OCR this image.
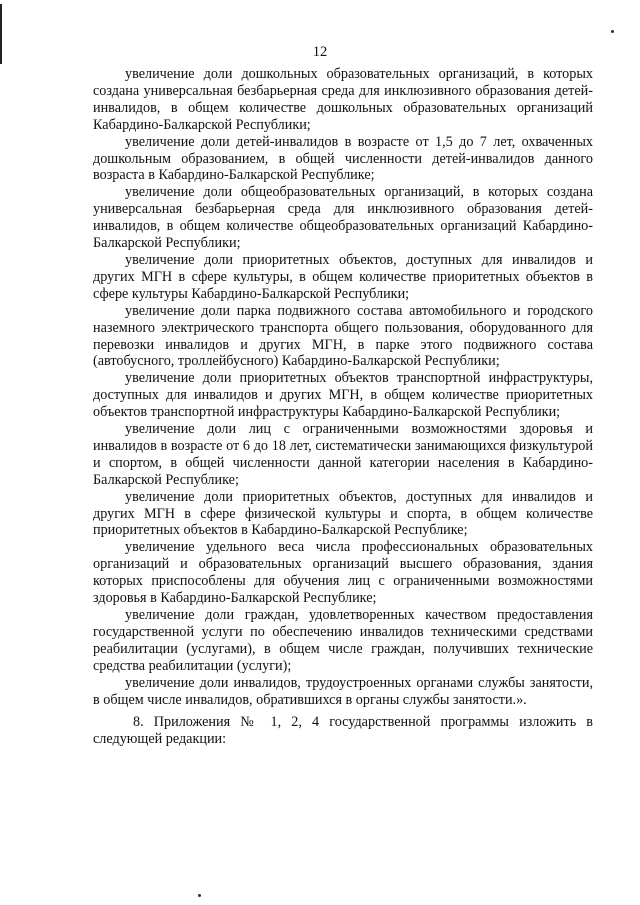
12

увеличение доли дошкольных образовательных организаций, в которых создана универсальная безбарьерная среда для инклюзивного образования детей-инвалидов, в общем количестве дошкольных образовательных организаций Кабардино-Балкарской Республики;

увеличение доли детей-инвалидов в возрасте от 1,5 до 7 лет, охваченных дошкольным образованием, в общей численности детей-инвалидов данного возраста в Кабардино-Балкарской Республике;

увеличение доли общеобразовательных организаций, в которых создана универсальная безбарьерная среда для инклюзивного образования детей-инвалидов, в общем количестве общеобразовательных организаций Кабардино-Балкарской Республики;

увеличение доли приоритетных объектов, доступных для инвалидов и других МГН в сфере культуры, в общем количестве приоритетных объектов в сфере культуры Кабардино-Балкарской Республики;

увеличение доли парка подвижного состава автомобильного и городского наземного электрического транспорта общего пользования, оборудованного для перевозки инвалидов и других МГН, в парке этого подвижного состава (автобусного, троллейбусного) Кабардино-Балкарской Республики;

увеличение доли приоритетных объектов транспортной инфраструктуры, доступных для инвалидов и других МГН, в общем количестве приоритетных объектов транспортной инфраструктуры Кабардино-Балкарской Республики;

увеличение доли лиц с ограниченными возможностями здоровья и инвалидов в возрасте от 6 до 18 лет, систематически занимающихся физкультурой и спортом, в общей численности данной категории населения в Кабардино-Балкарской Республике;

увеличение доли приоритетных объектов, доступных для инвалидов и других МГН в сфере физической культуры и спорта, в общем количестве приоритетных объектов в Кабардино-Балкарской Республике;

увеличение удельного веса числа профессиональных образовательных организаций и образовательных организаций высшего образования, здания которых приспособлены для обучения лиц с ограниченными возможностями здоровья в Кабардино-Балкарской Республике;

увеличение доли граждан, удовлетворенных качеством предоставления государственной услуги по обеспечению инвалидов техническими средствами реабилитации (услугами), в общем числе граждан, получивших технические средства реабилитации (услуги);

увеличение доли инвалидов, трудоустроенных органами службы занятости, в общем числе инвалидов, обратившихся в органы службы занятости.».

8. Приложения № 1, 2, 4 государственной программы изложить в следующей редакции:
